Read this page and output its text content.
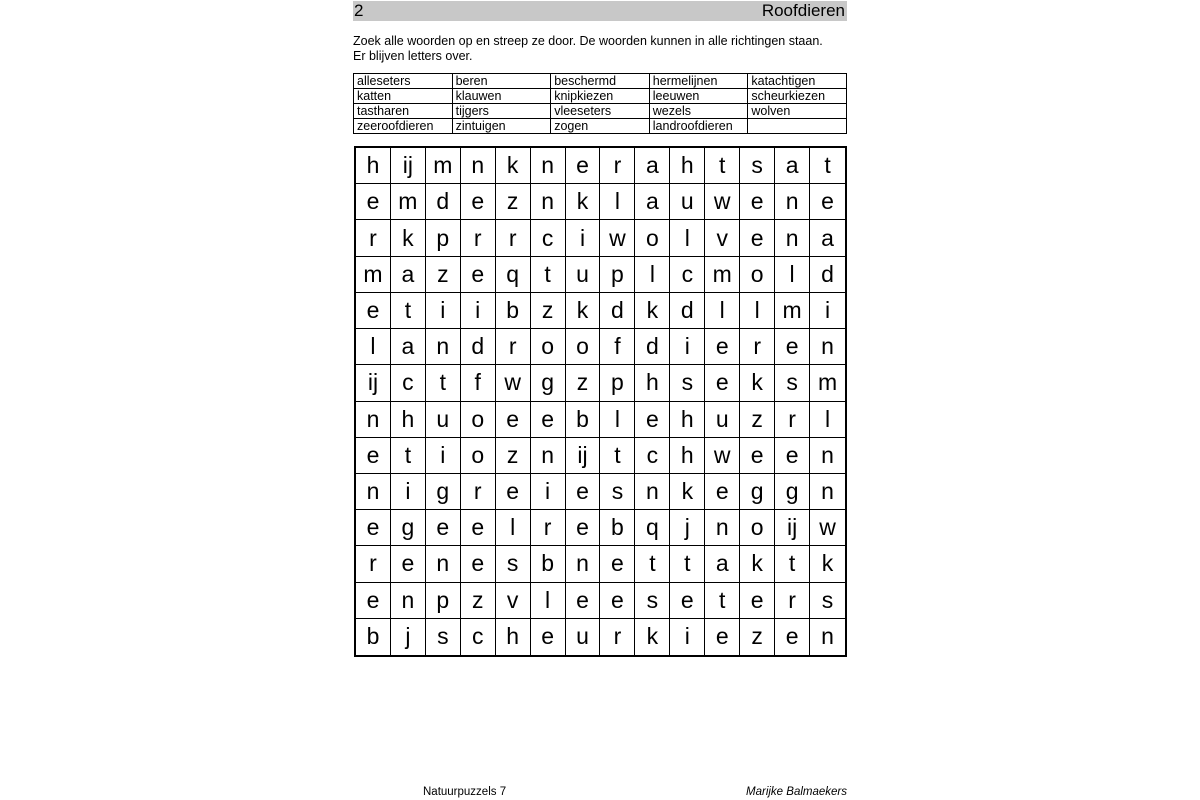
2	Roofdieren
Zoek alle woorden op en streep ze door. De woorden kunnen in alle richtingen staan.
Er blijven letters over.
alleseters	beren	beschermd	hermelijnen	katachtigen
katten	klauwen	knipkiezen	leeuwen	scheurkiezen
tastharen	tijgers	vleeseters	wezels	wolven
zeeroofdieren	zintuigen	zogen	landroofdieren	
h	ij m n k n e	r	a h	t	s a	t
e m d e z n k	l	a u w e n e
r	k p	r	r	c	i	w o	l	v e n a
m a z e q	t	u p	l	c m o	l	d
e	t	i	i	b z	k d k d	l	l m	i
l	a n d	r	o o	f	d	i	e	r	e n
ij	c	t	f	w g z p h s e k	s m
n h u o e e b	l	e h u z	r	l
e	t	i	o z n	ij	t	c h w e e n
n	i	g	r	e	i	e s n k e g g n
e g e e	l	r	e b q	j	n o	ij w
r	e n e s b n e	t	t	a k	t	k
e n p z	v	l	e e s e	t	e	r	s
b	j	s	c h e u	r	k	i	e z e n
Natuurpuzzels 7	Marijke Balmaekers
